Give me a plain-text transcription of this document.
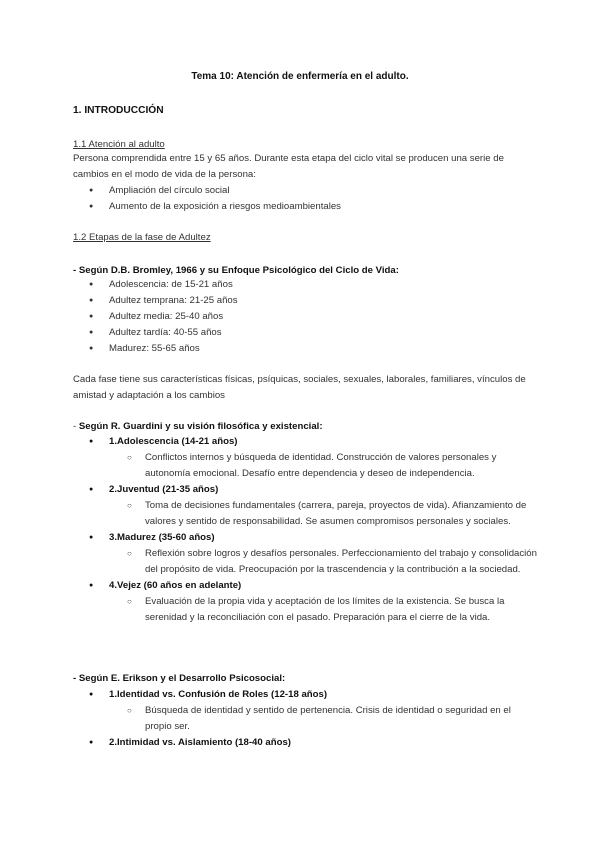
Tema 10: Atención de enfermería en el adulto.
1. INTRODUCCIÓN
1.1 Atención al adulto
Persona comprendida entre 15 y 65 años. Durante esta etapa del ciclo vital se producen una serie de cambios en el modo de vida de la persona:
● Ampliación del círculo social
● Aumento de la exposición a riesgos medioambientales
1.2 Etapas de la fase de Adultez
- Según D.B. Bromley, 1966 y su Enfoque Psicológico del Ciclo de Vida:
● Adolescencia: de 15-21 años
● Adultez temprana: 21-25 años
● Adultez media: 25-40 años
● Adultez tardía: 40-55 años
● Madurez: 55-65 años
Cada fase tiene sus características físicas, psíquicas, sociales, sexuales, laborales, familiares, vínculos de amistad y adaptación a los cambios
- Según R. Guardini y su visión filosófica y existencial:
● 1.Adolescencia (14-21 años)
○ Conflictos internos y búsqueda de identidad. Construcción de valores personales y autonomía emocional. Desafío entre dependencia y deseo de independencia.
● 2.Juventud (21-35 años)
○ Toma de decisiones fundamentales (carrera, pareja, proyectos de vida). Afianzamiento de valores y sentido de responsabilidad. Se asumen compromisos personales y sociales.
● 3.Madurez (35-60 años)
○ Reflexión sobre logros y desafíos personales. Perfeccionamiento del trabajo y consolidación del propósito de vida. Preocupación por la trascendencia y la contribución a la sociedad.
● 4.Vejez (60 años en adelante)
○ Evaluación de la propia vida y aceptación de los límites de la existencia. Se busca la serenidad y la reconciliación con el pasado. Preparación para el cierre de la vida.
- Según E. Erikson y el Desarrollo Psicosocial:
● 1.Identidad vs. Confusión de Roles (12-18 años)
○ Búsqueda de identidad y sentido de pertenencia. Crisis de identidad o seguridad en el propio ser.
● 2.Intimidad vs. Aislamiento (18-40 años)
